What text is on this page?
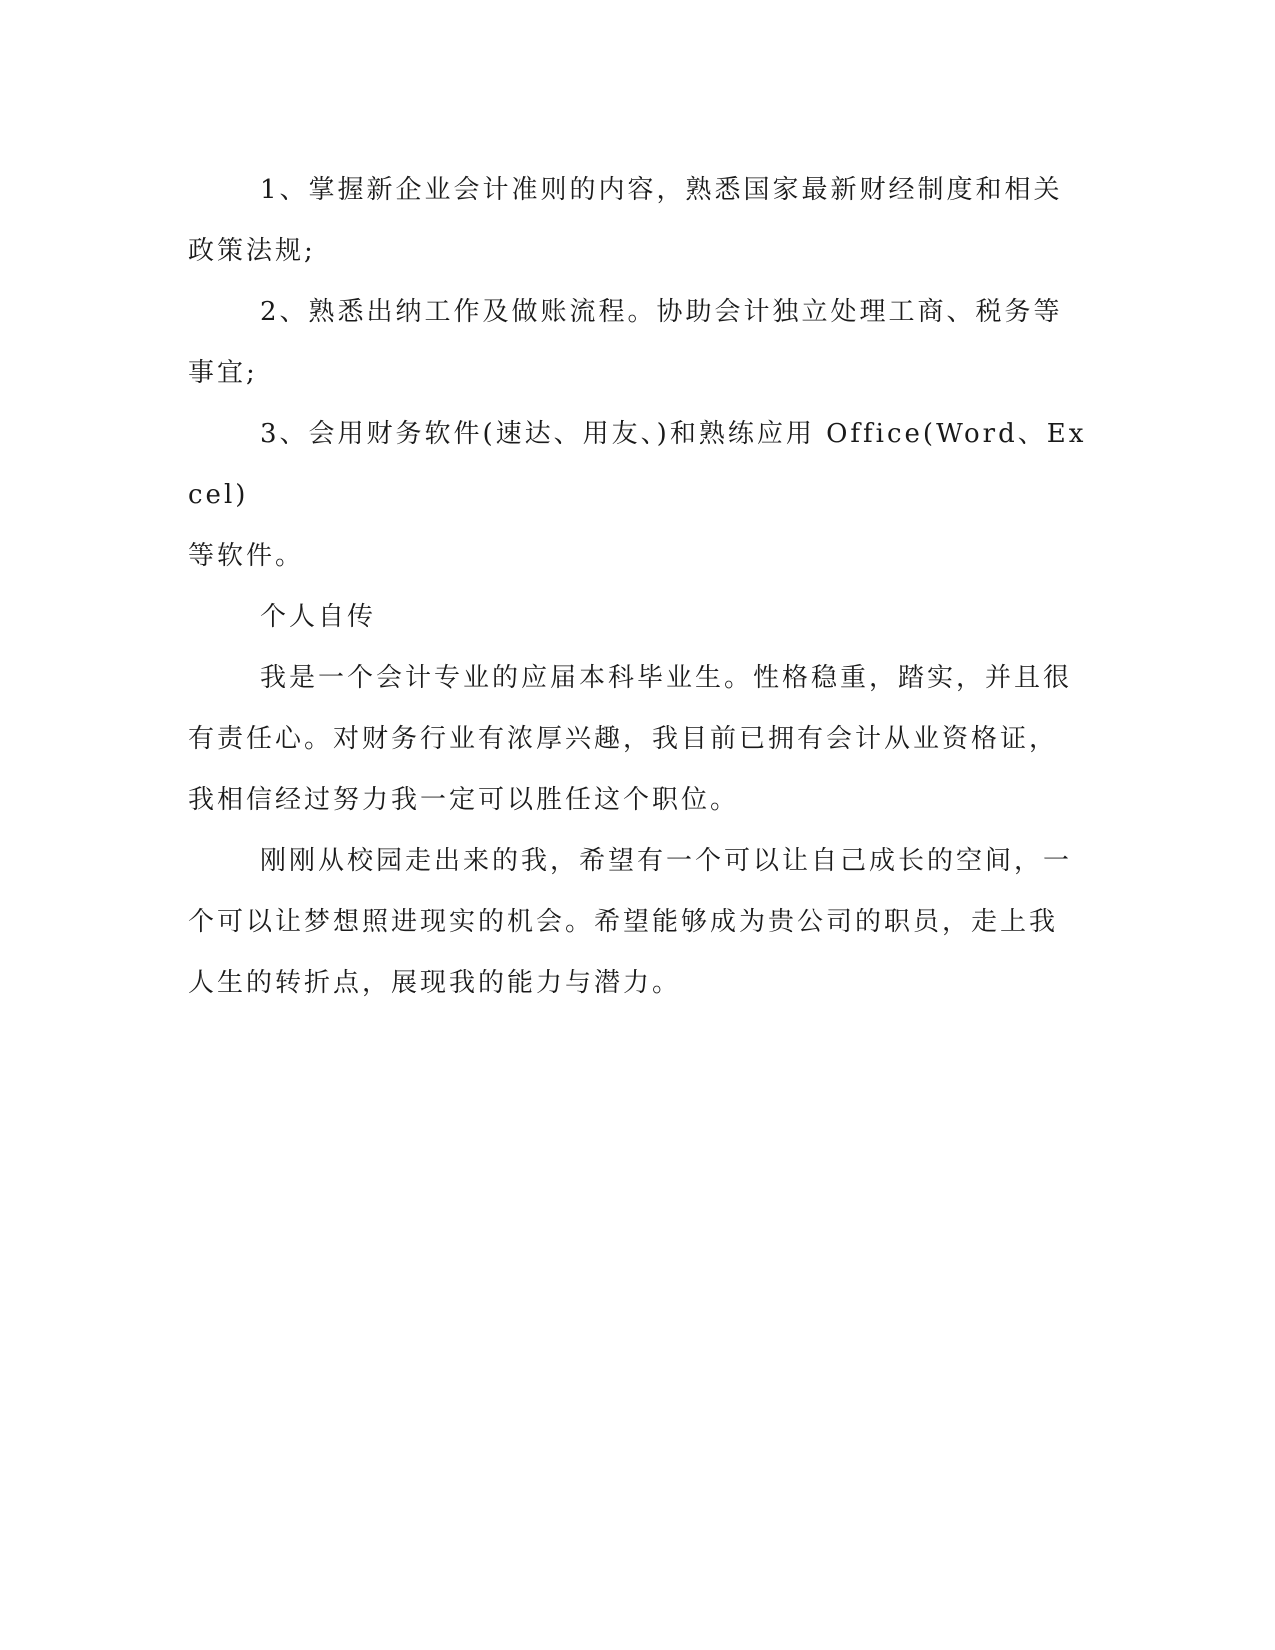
1、掌握新企业会计准则的内容，熟悉国家最新财经制度和相关
政策法规;

2、熟悉出纳工作及做账流程。协助会计独立处理工商、税务等
事宜;

3、会用财务软件(速达、用友、)和熟练应用 Office(Word、Excel)
等软件。

个人自传

我是一个会计专业的应届本科毕业生。性格稳重，踏实，并且很
有责任心。对财务行业有浓厚兴趣，我目前已拥有会计从业资格证，
我相信经过努力我一定可以胜任这个职位。

刚刚从校园走出来的我，希望有一个可以让自己成长的空间，一
个可以让梦想照进现实的机会。希望能够成为贵公司的职员，走上我
人生的转折点，展现我的能力与潜力。
